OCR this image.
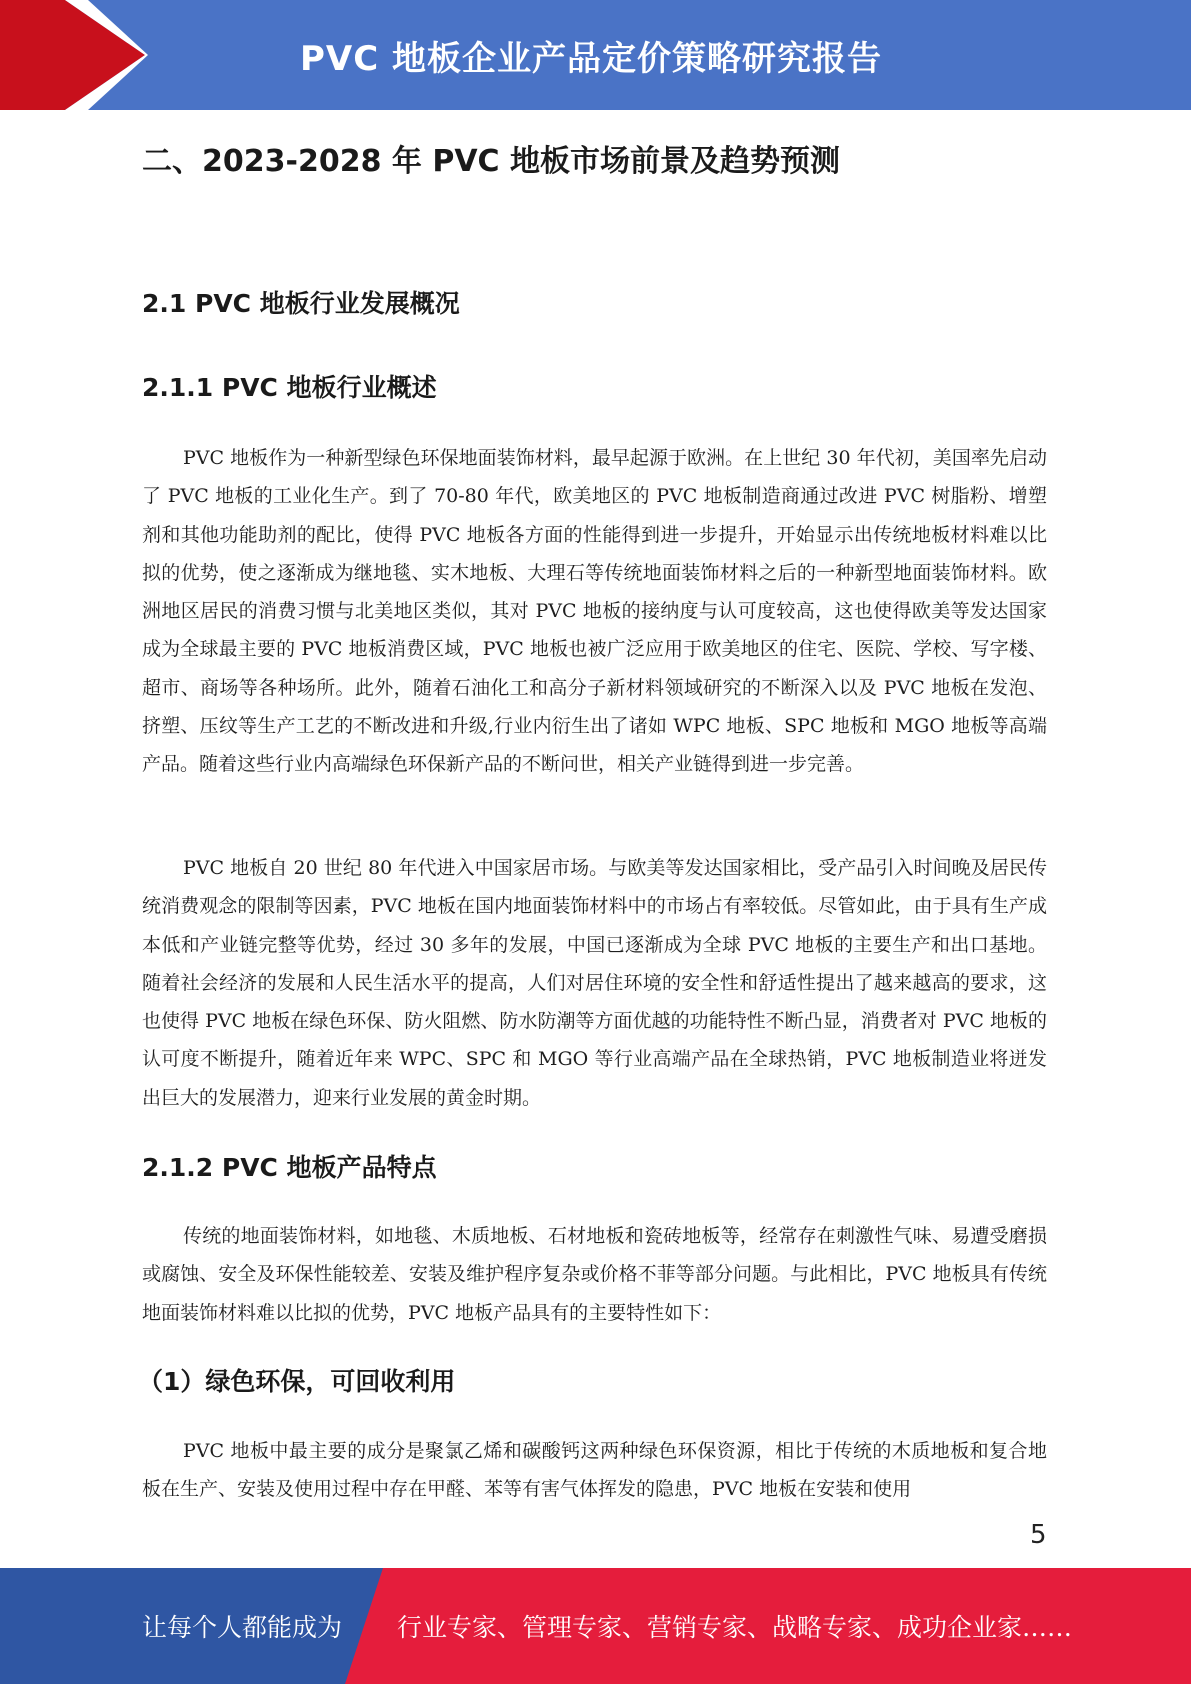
PVC 地板企业产品定价策略研究报告
二、2023-2028 年 PVC 地板市场前景及趋势预测
2.1 PVC 地板行业发展概况
2.1.1 PVC 地板行业概述
PVC 地板作为一种新型绿色环保地面装饰材料，最早起源于欧洲。在上世纪 30 年代初，美国率先启动了 PVC 地板的工业化生产。到了 70-80 年代，欧美地区的 PVC 地板制造商通过改进 PVC 树脂粉、增塑剂和其他功能助剂的配比，使得 PVC 地板各方面的性能得到进一步提升，开始显示出传统地板材料难以比拟的优势，使之逐渐成为继地毯、实木地板、大理石等传统地面装饰材料之后的一种新型地面装饰材料。欧洲地区居民的消费习惯与北美地区类似，其对 PVC 地板的接纳度与认可度较高，这也使得欧美等发达国家成为全球最主要的 PVC 地板消费区域，PVC 地板也被广泛应用于欧美地区的住宅、医院、学校、写字楼、超市、商场等各种场所。此外，随着石油化工和高分子新材料领域研究的不断深入以及 PVC 地板在发泡、挤塑、压纹等生产工艺的不断改进和升级,行业内衍生出了诸如 WPC 地板、SPC 地板和 MGO 地板等高端产品。随着这些行业内高端绿色环保新产品的不断问世，相关产业链得到进一步完善。
PVC 地板自 20 世纪 80 年代进入中国家居市场。与欧美等发达国家相比，受产品引入时间晚及居民传统消费观念的限制等因素，PVC 地板在国内地面装饰材料中的市场占有率较低。尽管如此，由于具有生产成本低和产业链完整等优势，经过 30 多年的发展，中国已逐渐成为全球 PVC 地板的主要生产和出口基地。随着社会经济的发展和人民生活水平的提高，人们对居住环境的安全性和舒适性提出了越来越高的要求，这也使得 PVC 地板在绿色环保、防火阻燃、防水防潮等方面优越的功能特性不断凸显，消费者对 PVC 地板的认可度不断提升，随着近年来 WPC、SPC 和 MGO 等行业高端产品在全球热销，PVC 地板制造业将迸发出巨大的发展潜力，迎来行业发展的黄金时期。
2.1.2 PVC 地板产品特点
传统的地面装饰材料，如地毯、木质地板、石材地板和瓷砖地板等，经常存在刺激性气味、易遭受磨损或腐蚀、安全及环保性能较差、安装及维护程序复杂或价格不菲等部分问题。与此相比，PVC 地板具有传统地面装饰材料难以比拟的优势，PVC 地板产品具有的主要特性如下：
（1）绿色环保，可回收利用
PVC 地板中最主要的成分是聚氯乙烯和碳酸钙这两种绿色环保资源，相比于传统的木质地板和复合地板在生产、安装及使用过程中存在甲醛、苯等有害气体挥发的隐患，PVC 地板在安装和使用
5
让每个人都能成为 行业专家、管理专家、营销专家、战略专家、成功企业家……
